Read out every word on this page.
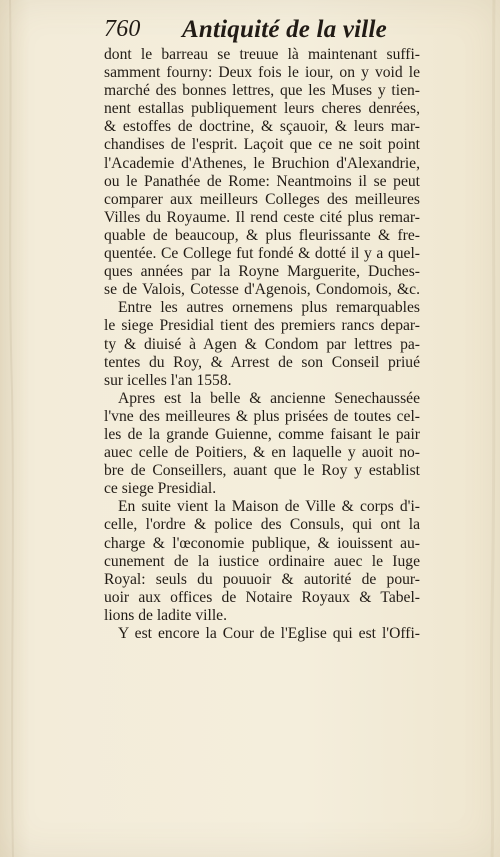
760 Antiquité de la ville
dont le barreau se treuue là maintenant suffi-
samment fourny: Deux fois le iour, on y void le
marché des bonnes lettres, que les Muses y tien-
nent estallas publiquement leurs cheres denrées,
& estoffes de doctrine, & sçauoir, & leurs mar-
chandises de l'esprit. Laçoit que ce ne soit point
l'Academie d'Athenes, le Bruchion d'Alexandrie,
ou le Panathée de Rome: Neantmoins il se peut
comparer aux meilleurs Colleges des meilleures
Villes du Royaume. Il rend ceste cité plus remar-
quable de beaucoup, & plus fleurissante & fre-
quentée. Ce College fut fondé & dotté il y a quel-
ques années par la Royne Marguerite, Duches-
se de Valois, Cotesse d'Agenois, Condomois, &c.
Entre les autres ornemens plus remarquables
le siege Presidial tient des premiers rancs depar-
ty & diuisé à Agen & Condom par lettres pa-
tentes du Roy, & Arrest de son Conseil priué
sur icelles l'an 1558.
Apres est la belle & ancienne Senechaussée
l'vne des meilleures & plus prisées de toutes cel-
les de la grande Guienne, comme faisant le pair
auec celle de Poitiers, & en laquelle y auoit no-
bre de Conseillers, auant que le Roy y establist
ce siege Presidial.
En suite vient la Maison de Ville & corps d'i-
celle, l'ordre & police des Consuls, qui ont la
charge & l'œconomie publique, & iouissent au-
cunement de la iustice ordinaire auec le Iuge
Royal: seuls du pouuoir & autorité de pour-
uoir aux offices de Notaire Royaux & Tabel-
lions de ladite ville.
Y est encore la Cour de l'Eglise qui est l'Offi-
